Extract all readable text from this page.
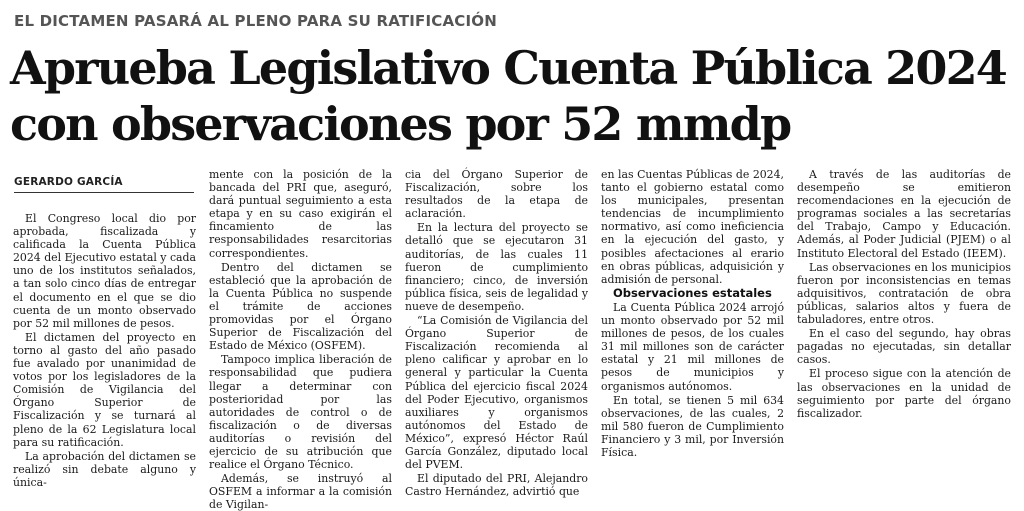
EL DICTAMEN PASARÁ AL PLENO PARA SU RATIFICACIÓN
Aprueba Legislativo Cuenta Pública 2024 con observaciones por 52 mmdp
GERARDO GARCÍA

El Congreso local dio por aprobada, fiscalizada y calificada la Cuenta Pública 2024 del Ejecutivo estatal y cada uno de los institutos señalados, a tan solo cinco días de entregar el documento en el que se dio cuenta de un monto observado por 52 mil millones de pesos.

El dictamen del proyecto en torno al gasto del año pasado fue avalado por unanimidad de votos por los legisladores de la Comisión de Vigilancia del Órgano Superior de Fiscalización y se turnará al pleno de la 62 Legislatura local para su ratificación.

La aprobación del dictamen se realizó sin debate alguno y única-

mente con la posición de la bancada del PRI que, aseguró, dará puntual seguimiento a esta etapa y en su caso exigirán el fincamiento de las responsabilidades resarcitorias correspondientes.

Dentro del dictamen se estableció que la aprobación de la Cuenta Pública no suspende el trámite de acciones promovidas por el Órgano Superior de Fiscalización del Estado de México (OSFEM).

Tampoco implica liberación de responsabilidad que pudiera llegar a determinar con posterioridad por las autoridades de control o de fiscalización o de diversas auditorías o revisión del ejercicio de su atribución que realice el Órgano Técnico.

Además, se instruyó al OSFEM a informar a la comisión de Vigilan-

cia del Órgano Superior de Fiscalización, sobre los resultados de la etapa de aclaración.

En la lectura del proyecto se detalló que se ejecutaron 31 auditorías, de las cuales 11 fueron de cumplimiento financiero; cinco, de inversión pública física, seis de legalidad y nueve de desempeño.

“La Comisión de Vigilancia del Órgano Superior de Fiscalización recomienda al pleno calificar y aprobar en lo general y particular la Cuenta Pública del ejercicio fiscal 2024 del Poder Ejecutivo, organismos auxiliares y organismos autónomos del Estado de México”, expresó Héctor Raúl García González, diputado local del PVEM.

El diputado del PRI, Alejandro Castro Hernández, advirtió que

en las Cuentas Públicas de 2024, tanto el gobierno estatal como los municipales, presentan tendencias de incumplimiento normativo, así como ineficiencia en la ejecución del gasto, y posibles afectaciones al erario en obras públicas, adquisición y admisión de personal.

Observaciones estatales

La Cuenta Pública 2024 arrojó un monto observado por 52 mil millones de pesos, de los cuales 31 mil millones son de carácter estatal y 21 mil millones de pesos de municipios y organismos autónomos.

En total, se tienen 5 mil 634 observaciones, de las cuales, 2 mil 580 fueron de Cumplimiento Financiero y 3 mil, por Inversión Física.

A través de las auditorías de desempeño se emitieron recomendaciones en la ejecución de programas sociales a las secretarías del Trabajo, Campo y Educación. Además, al Poder Judicial (PJEM) o al Instituto Electoral del Estado (IEEM).

Las observaciones en los municipios fueron por inconsistencias en temas adquisitivos, contratación de obra públicas, salarios altos y fuera de tabuladores, entre otros.

En el caso del segundo, hay obras pagadas no ejecutadas, sin detallar casos.

El proceso sigue con la atención de las observaciones en la unidad de seguimiento por parte del órgano fiscalizador.
